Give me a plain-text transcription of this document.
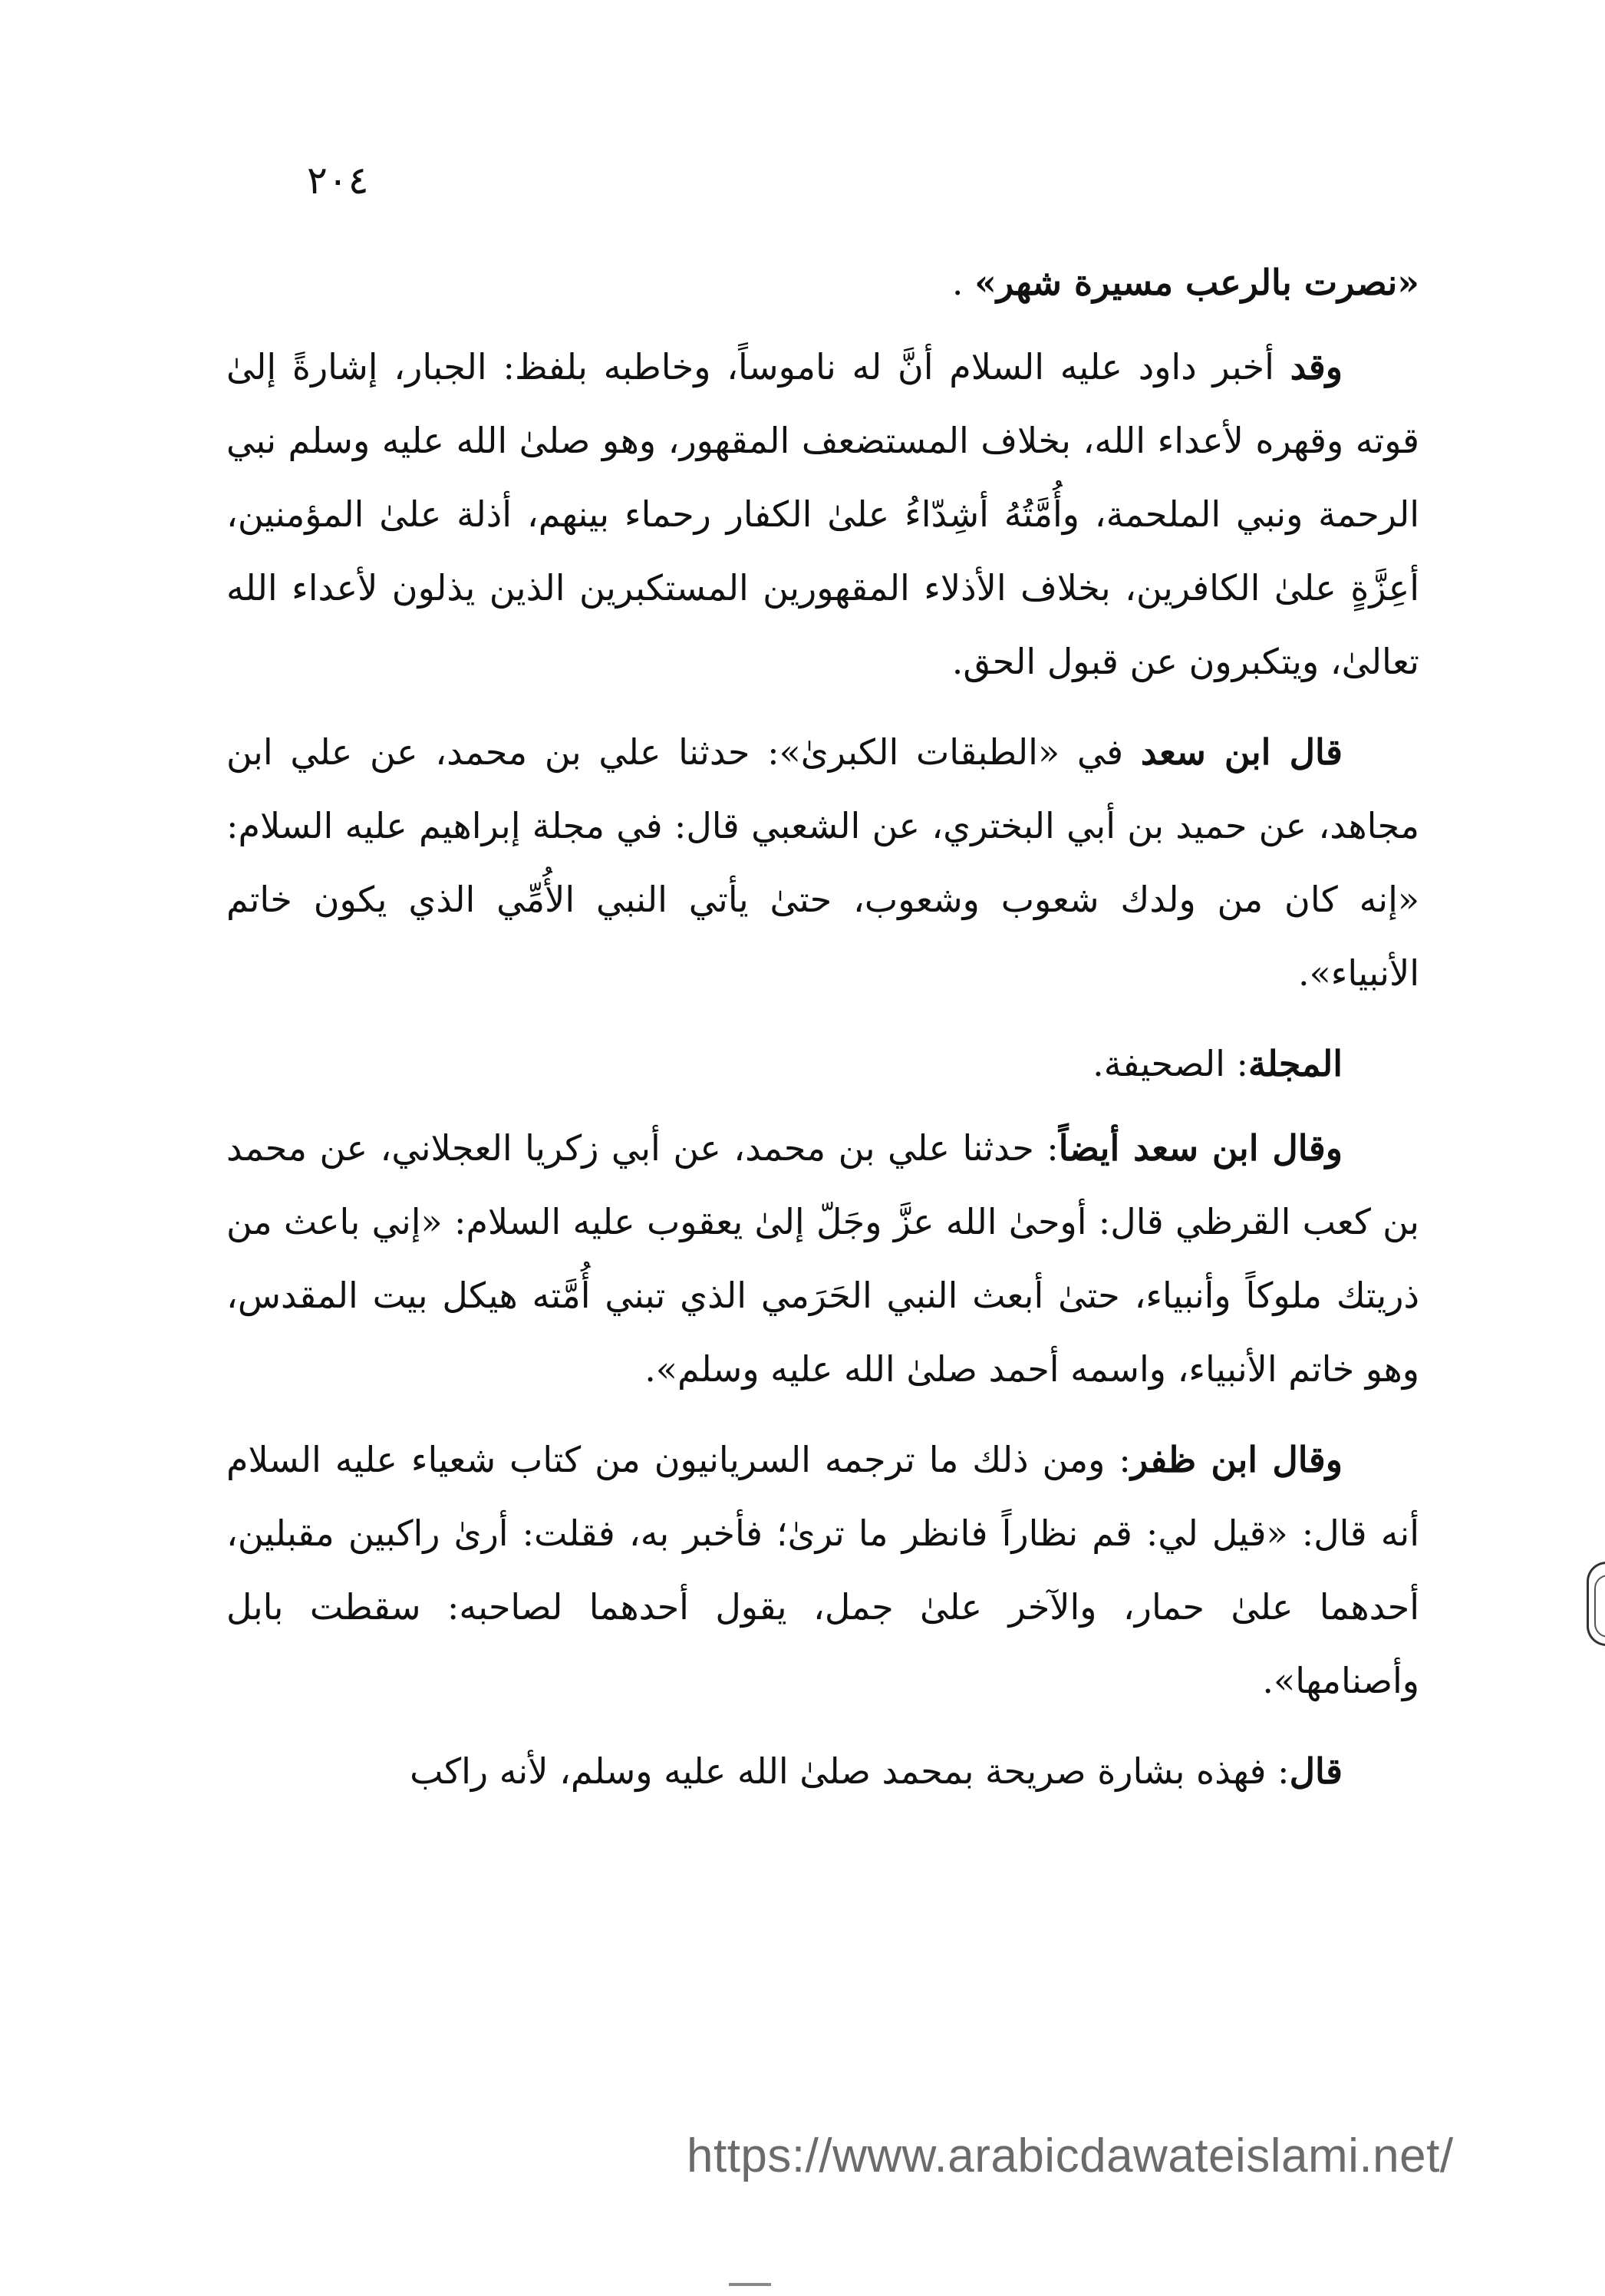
٢٠٤

«نصرت بالرعب مسيرة شهر» .

وقد أخبر داود عليه السلام أنَّ له ناموساً، وخاطبه بلفظ: الجبار، إشارةً إلىٰ قوته وقهره لأعداء الله، بخلاف المستضعف المقهور، وهو صلىٰ الله عليه وسلم نبي الرحمة ونبي الملحمة، وأُمَّتُهُ أشِدّاءُ علىٰ الكفار رحماء بينهم، أذلة علىٰ المؤمنين، أعِزَّةٍ علىٰ الكافرين، بخلاف الأذلاء المقهورين المستكبرين الذين يذلون لأعداء الله تعالىٰ، ويتكبرون عن قبول الحق.

قال ابن سعد في «الطبقات الكبرىٰ»: حدثنا علي بن محمد، عن علي ابن مجاهد، عن حميد بن أبي البختري، عن الشعبي قال: في مجلة إبراهيم عليه السلام: «إنه كان من ولدك شعوب وشعوب، حتىٰ يأتي النبي الأُمِّي الذي يكون خاتم الأنبياء».

المجلة: الصحيفة.

وقال ابن سعد أيضاً: حدثنا علي بن محمد، عن أبي زكريا العجلاني، عن محمد بن كعب القرظي قال: أوحىٰ الله عزَّ وجَلّ إلىٰ يعقوب عليه السلام: «إني باعث من ذريتك ملوكاً وأنبياء، حتىٰ أبعث النبي الحَرَمي الذي تبني أُمَّته هيكل بيت المقدس، وهو خاتم الأنبياء، واسمه أحمد صلىٰ الله عليه وسلم».

وقال ابن ظفر: ومن ذلك ما ترجمه السريانيون من كتاب شعياء عليه السلام أنه قال: «قيل لي: قم نظاراً فانظر ما ترىٰ؛ فأخبر به، فقلت: أرىٰ راكبين مقبلين، أحدهما علىٰ حمار، والآخر علىٰ جمل، يقول أحدهما لصاحبه: سقطت بابل وأصنامها».

قال: فهذه بشارة صريحة بمحمد صلىٰ الله عليه وسلم، لأنه راكب

https://www.arabicdawateislami.net/
